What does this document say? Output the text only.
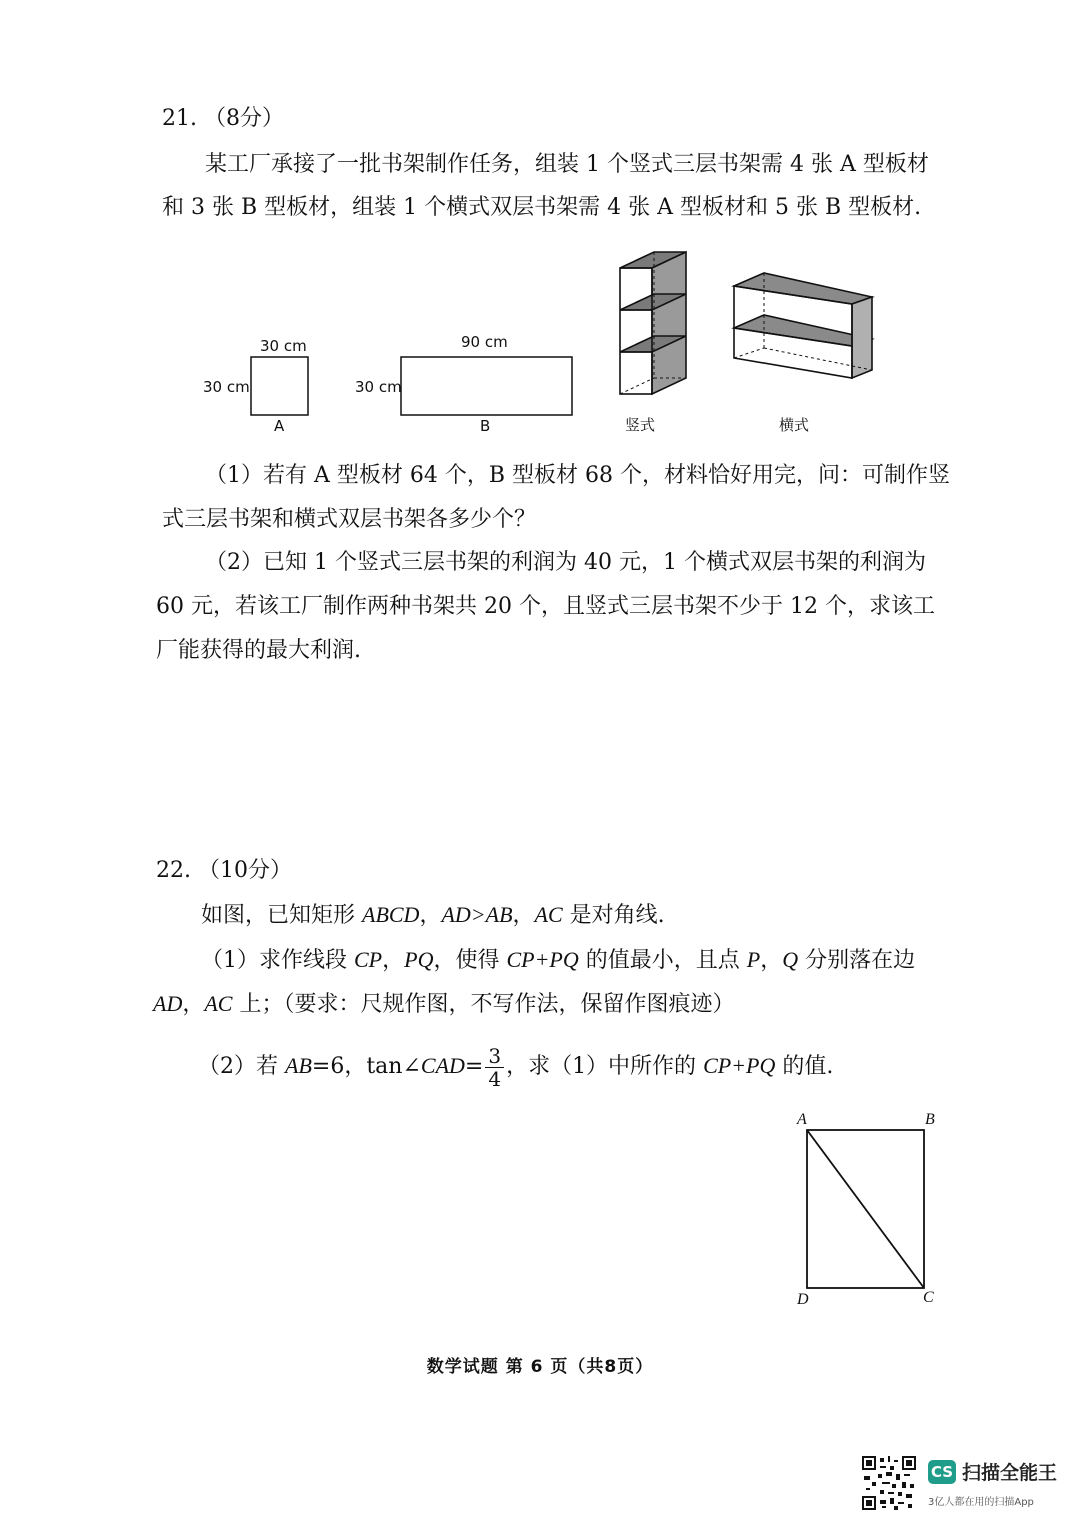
21. （8分）
某工厂承接了一批书架制作任务，组装 1 个竖式三层书架需 4 张 A 型板材
和 3 张 B 型板材，组装 1 个横式双层书架需 4 张 A 型板材和 5 张 B 型板材.
30 cm
30 cm
A
90 cm
30 cm
B	竖式	横式
（1）若有 A 型板材 64 个，B 型板材 68 个，材料恰好用完，问：可制作竖
式三层书架和横式双层书架各多少个？
（2）已知 1 个竖式三层书架的利润为 40 元，1 个横式双层书架的利润为
60 元，若该工厂制作两种书架共 20 个，且竖式三层书架不少于 12 个，求该工
厂能获得的最大利润.
22. （10分）
如图，已知矩形 ABCD，AD>AB，AC 是对角线.
（1）求作线段 CP，PQ，使得 CP+PQ 的值最小，且点 P，Q 分别落在边
AD，AC 上；（要求：尺规作图，不写作法，保留作图痕迹）
（2）若 AB=6，tan∠CAD= $\frac{3}{4}$ ，求（1）中所作的 CP+PQ 的值.
A	B
C
D
数学试题 第 6 页（共8页）
CS 扫描全能王
3亿人都在用的扫描App
